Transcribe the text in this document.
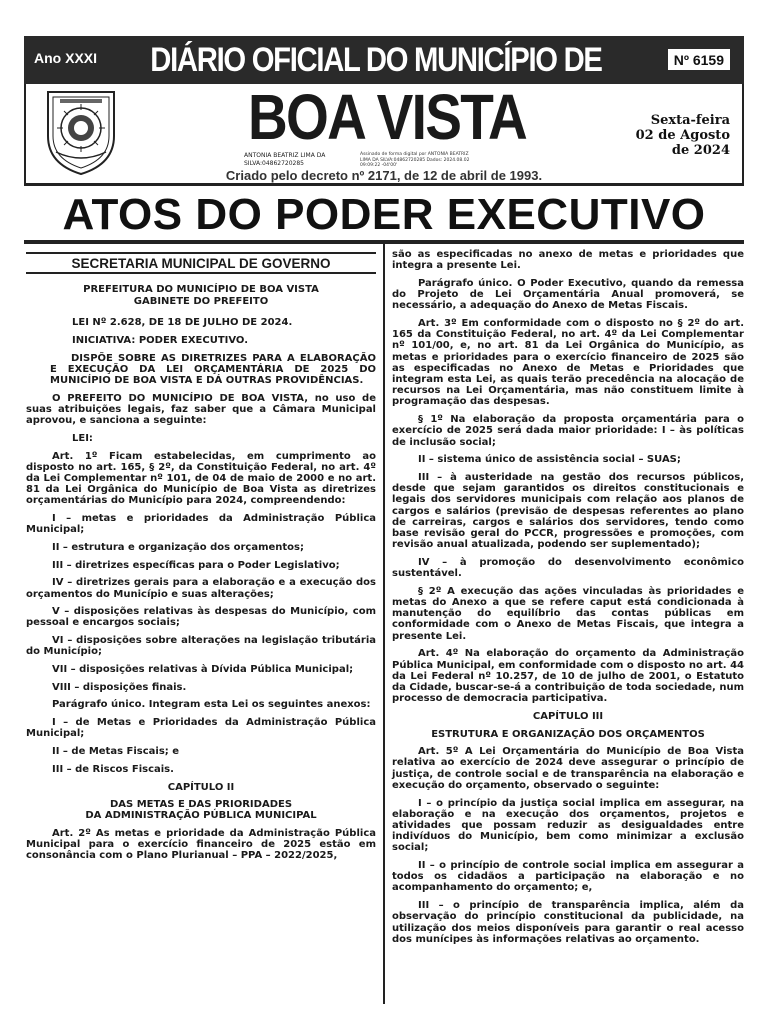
Ano XXXI DIÁRIO OFICIAL DO MUNICÍPIO DE	Nº 6159
BOA VISTA
ANTONIA BEATRIZ LIMA DA SILVA:04862720285
Assinado de forma digital por ANTONIA BEATRIZ LIMA DA SILVA:04862720285 Dados: 2024.08.02 09:09:22 -04'00'
Sexta-feira
02 de Agosto
de 2024
Criado pelo decreto nº 2171, de 12 de abril de 1993.
ATOS DO PODER EXECUTIVO
SECRETARIA MUNICIPAL DE GOVERNO
PREFEITURA DO MUNICÍPIO DE BOA VISTA
GABINETE DO PREFEITO

LEI Nº 2.628, DE 18 DE JULHO DE 2024.

INICIATIVA: PODER EXECUTIVO.

DISPÕE SOBRE AS DIRETRIZES PARA A ELABORAÇÃO E EXECUÇÃO DA LEI ORÇAMENTÁRIA DE 2025 DO MUNICÍPIO DE BOA VISTA E DÁ OUTRAS PROVIDÊNCIAS.

O PREFEITO DO MUNICÍPIO DE BOA VISTA, no uso de suas atribuições legais, faz saber que a Câmara Municipal aprovou, e sanciona a seguinte:

LEI:

Art. 1º Ficam estabelecidas, em cumprimento ao disposto no art. 165, § 2º, da Constituição Federal, no art. 4º da Lei Complementar nº 101, de 04 de maio de 2000 e no art. 81 da Lei Orgânica do Município de Boa Vista as diretrizes orçamentárias do Município para 2024, compreendendo:

I – metas e prioridades da Administração Pública Municipal;

II – estrutura e organização dos orçamentos;

III – diretrizes específicas para o Poder Legislativo;

IV – diretrizes gerais para a elaboração e a execução dos orçamentos do Município e suas alterações;

V – disposições relativas às despesas do Município, com pessoal e encargos sociais;

VI – disposições sobre alterações na legislação tributária do Município;

VII – disposições relativas à Dívida Pública Municipal;

VIII – disposições finais.

Parágrafo único. Integram esta Lei os seguintes anexos:

I – de Metas e Prioridades da Administração Pública Municipal;

II – de Metas Fiscais; e

III – de Riscos Fiscais.

CAPÍTULO II

DAS METAS E DAS PRIORIDADES
DA ADMINISTRAÇÃO PÚBLICA MUNICIPAL

Art. 2º As metas e prioridade da Administração Pública Municipal para o exercício financeiro de 2025 estão em consonância com o Plano Plurianual – PPA – 2022/2025,

são as especificadas no anexo de metas e prioridades que integra a presente Lei.

Parágrafo único. O Poder Executivo, quando da remessa do Projeto de Lei Orçamentária Anual promoverá, se necessário, a adequação do Anexo de Metas Fiscais.

Art. 3º Em conformidade com o disposto no § 2º do art. 165 da Constituição Federal, no art. 4º da Lei Complementar nº 101/00, e, no art. 81 da Lei Orgânica do Município, as metas e prioridades para o exercício financeiro de 2025 são as especificadas no Anexo de Metas e Prioridades que integram esta Lei, as quais terão precedência na alocação de recursos na Lei Orçamentária, mas não constituem limite à programação das despesas.

§ 1º Na elaboração da proposta orçamentária para o exercício de 2025 será dada maior prioridade: I – às políticas de inclusão social;

II – sistema único de assistência social – SUAS;

III – à austeridade na gestão dos recursos públicos, desde que sejam garantidos os direitos constitucionais e legais dos servidores municipais com relação aos planos de cargos e salários (previsão de despesas referentes ao plano de carreiras, cargos e salários dos servidores, tendo como base revisão geral do PCCR, progressões e promoções, com revisão anual atualizada, podendo ser suplementado);

IV – à promoção do desenvolvimento econômico sustentável.

§ 2º A execução das ações vinculadas às prioridades e metas do Anexo a que se refere caput está condicionada à manutenção do equilíbrio das contas públicas em conformidade com o Anexo de Metas Fiscais, que integra a presente Lei.

Art. 4º Na elaboração do orçamento da Administração Pública Municipal, em conformidade com o disposto no art. 44 da Lei Federal nº 10.257, de 10 de julho de 2001, o Estatuto da Cidade, buscar-se-á a contribuição de toda sociedade, num processo de democracia participativa.

CAPÍTULO III

ESTRUTURA E ORGANIZAÇÃO DOS ORÇAMENTOS

Art. 5º A Lei Orçamentária do Município de Boa Vista relativa ao exercício de 2024 deve assegurar o princípio de justiça, de controle social e de transparência na elaboração e execução do orçamento, observado o seguinte:

I – o princípio da justiça social implica em assegurar, na elaboração e na execução dos orçamentos, projetos e atividades que possam reduzir as desigualdades entre indivíduos do Município, bem como minimizar a exclusão social;

II – o princípio de controle social implica em assegurar a todos os cidadãos a participação na elaboração e no acompanhamento do orçamento; e,

III – o princípio de transparência implica, além da observação do princípio constitucional da publicidade, na utilização dos meios disponíveis para garantir o real acesso dos munícipes às informações relativas ao orçamento.
